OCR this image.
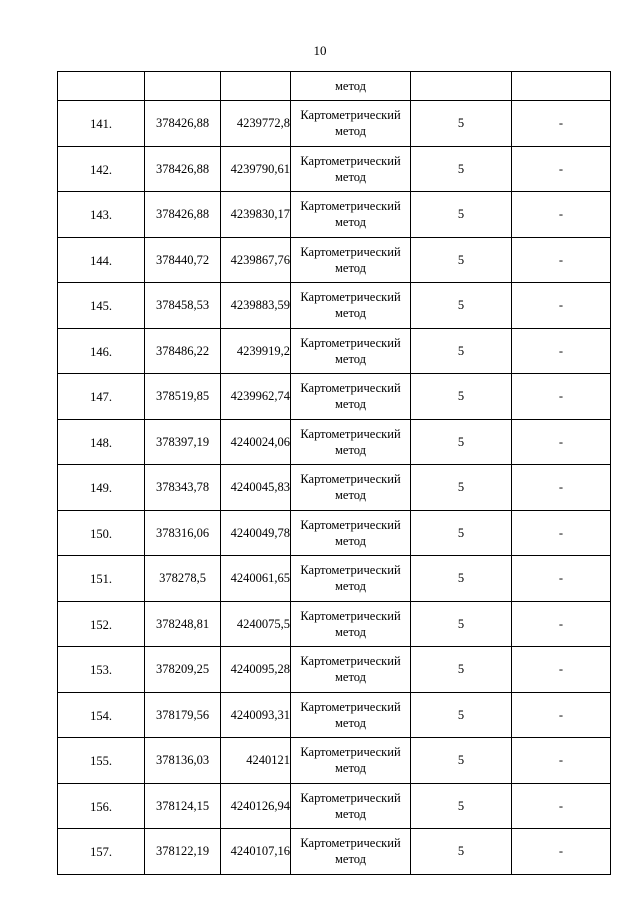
10
			метод		
141.	378426,88	4239772,8	Картометрический
метод	5	-
142.	378426,88	4239790,61	Картометрический
метод	5	-
143.	378426,88	4239830,17	Картометрический
метод	5	-
144.	378440,72	4239867,76	Картометрический
метод	5	-
145.	378458,53	4239883,59	Картометрический
метод	5	-
146.	378486,22	4239919,2	Картометрический
метод	5	-
147.	378519,85	4239962,74	Картометрический
метод	5	-
148.	378397,19	4240024,06	Картометрический
метод	5	-
149.	378343,78	4240045,83	Картометрический
метод	5	-
150.	378316,06	4240049,78	Картометрический
метод	5	-
151.	378278,5	4240061,65	Картометрический
метод	5	-
152.	378248,81	4240075,5	Картометрический
метод	5	-
153.	378209,25	4240095,28	Картометрический
метод	5	-
154.	378179,56	4240093,31	Картометрический
метод	5	-
155.	378136,03	4240121	Картометрический
метод	5	-
156.	378124,15	4240126,94	Картометрический
метод	5	-
157.	378122,19	4240107,16	Картометрический
метод	5	-
